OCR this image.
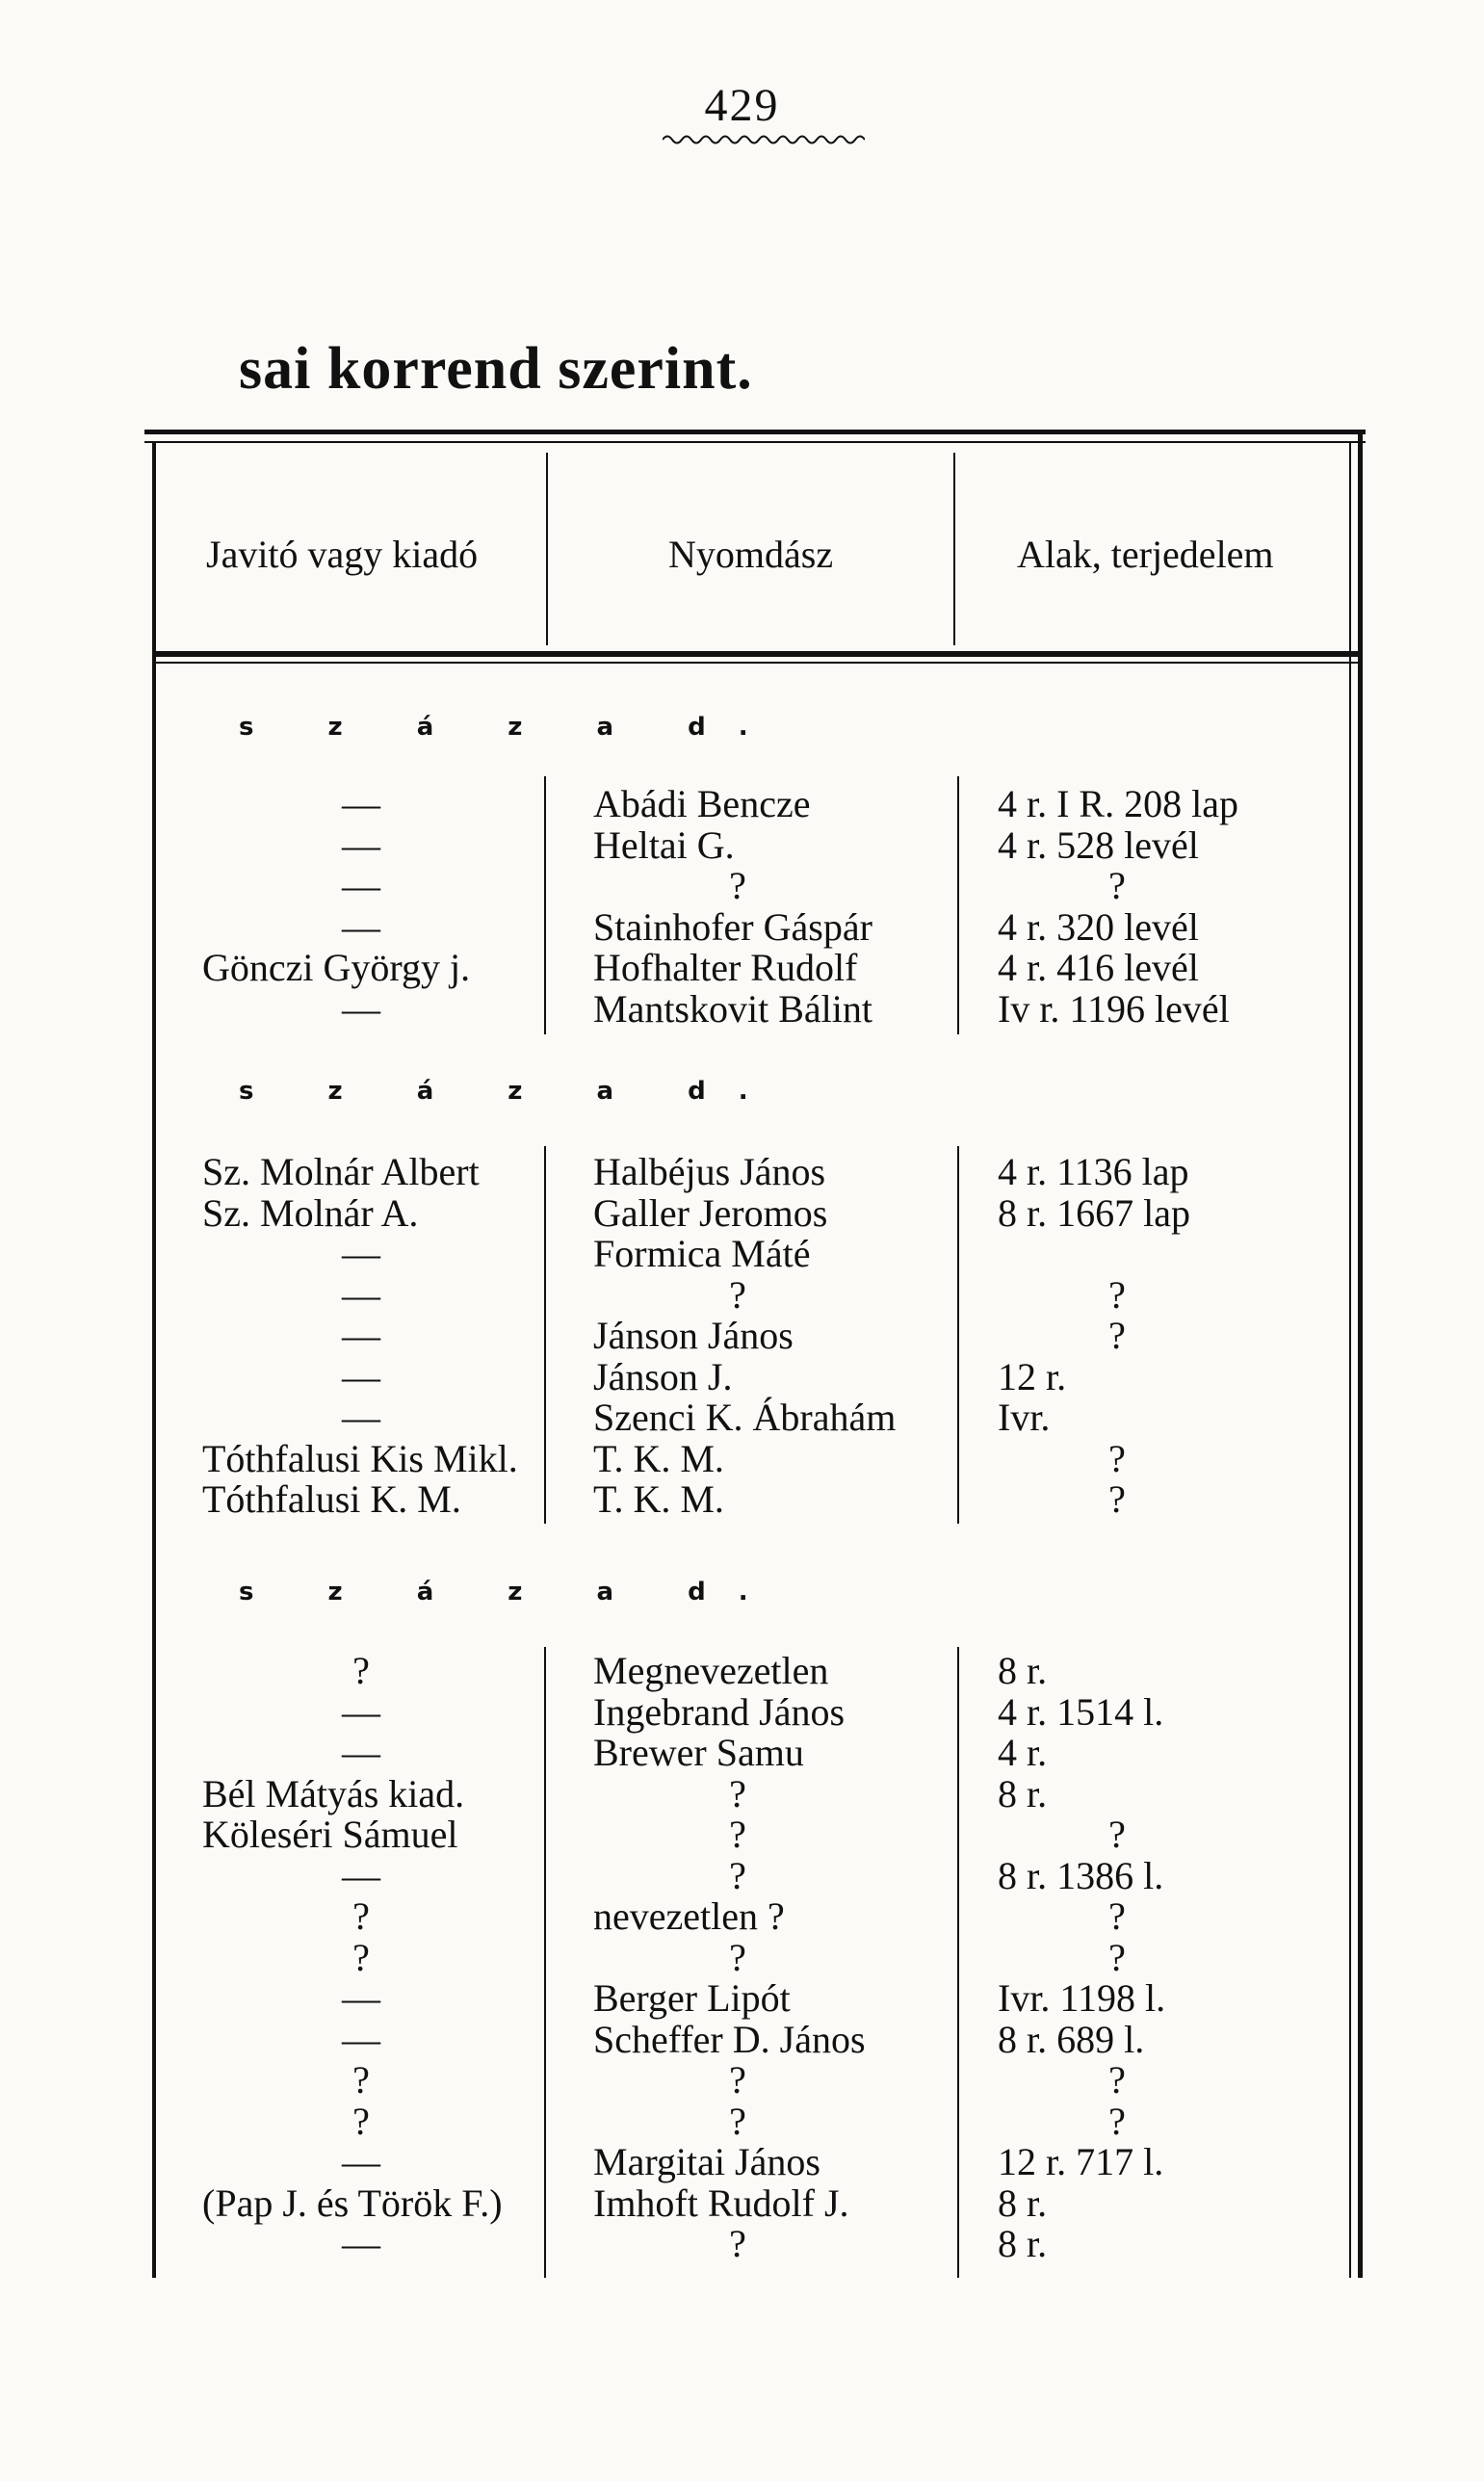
429
sai korrend szerint.
Javitó vagy kiadó	Nyomdász	Alak, terjedelem
s z á z a d.
—	Abádi Bencze	4 r. I R. 208 lap
—	Heltai G.	4 r. 528 levél
—	?	?
—	Stainhofer Gáspár	4 r. 320 levél
Gönczi György j.	Hofhalter Rudolf	4 r. 416 levél
—	Mantskovit Bálint	Iv r. 1196 levél
s z á z a d.
Sz. Molnár Albert	Halbéjus János	4 r. 1136 lap
Sz. Molnár A.	Galler Jeromos	8 r. 1667 lap
—	Formica Máté
—	?	?
—	Jánson János	?
—	Jánson J.	12 r.
—	Szenci K. Ábrahám	Ivr.
Tóthfalusi Kis Mikl.	T. K. M.	?
Tóthfalusi K. M.	T. K. M.	?
s z á z a d.
?	Megnevezetlen	8 r.
—	Ingebrand János	4 r. 1514 l.
—	Brewer Samu	4 r.
Bél Mátyás kiad.	?	8 r.
Köleséri Sámuel	?	?
—	?	8 r. 1386 l.
?	nevezetlen ?	?
?	?	?
—	Berger Lipót	Ivr. 1198 l.
—	Scheffer D. János	8 r. 689 l.
?	?	?
?	?	?
—	Margitai János	12 r. 717 l.
(Pap J. és Török F.)	Imhoft Rudolf J.	8 r.
—	?	8 r.
